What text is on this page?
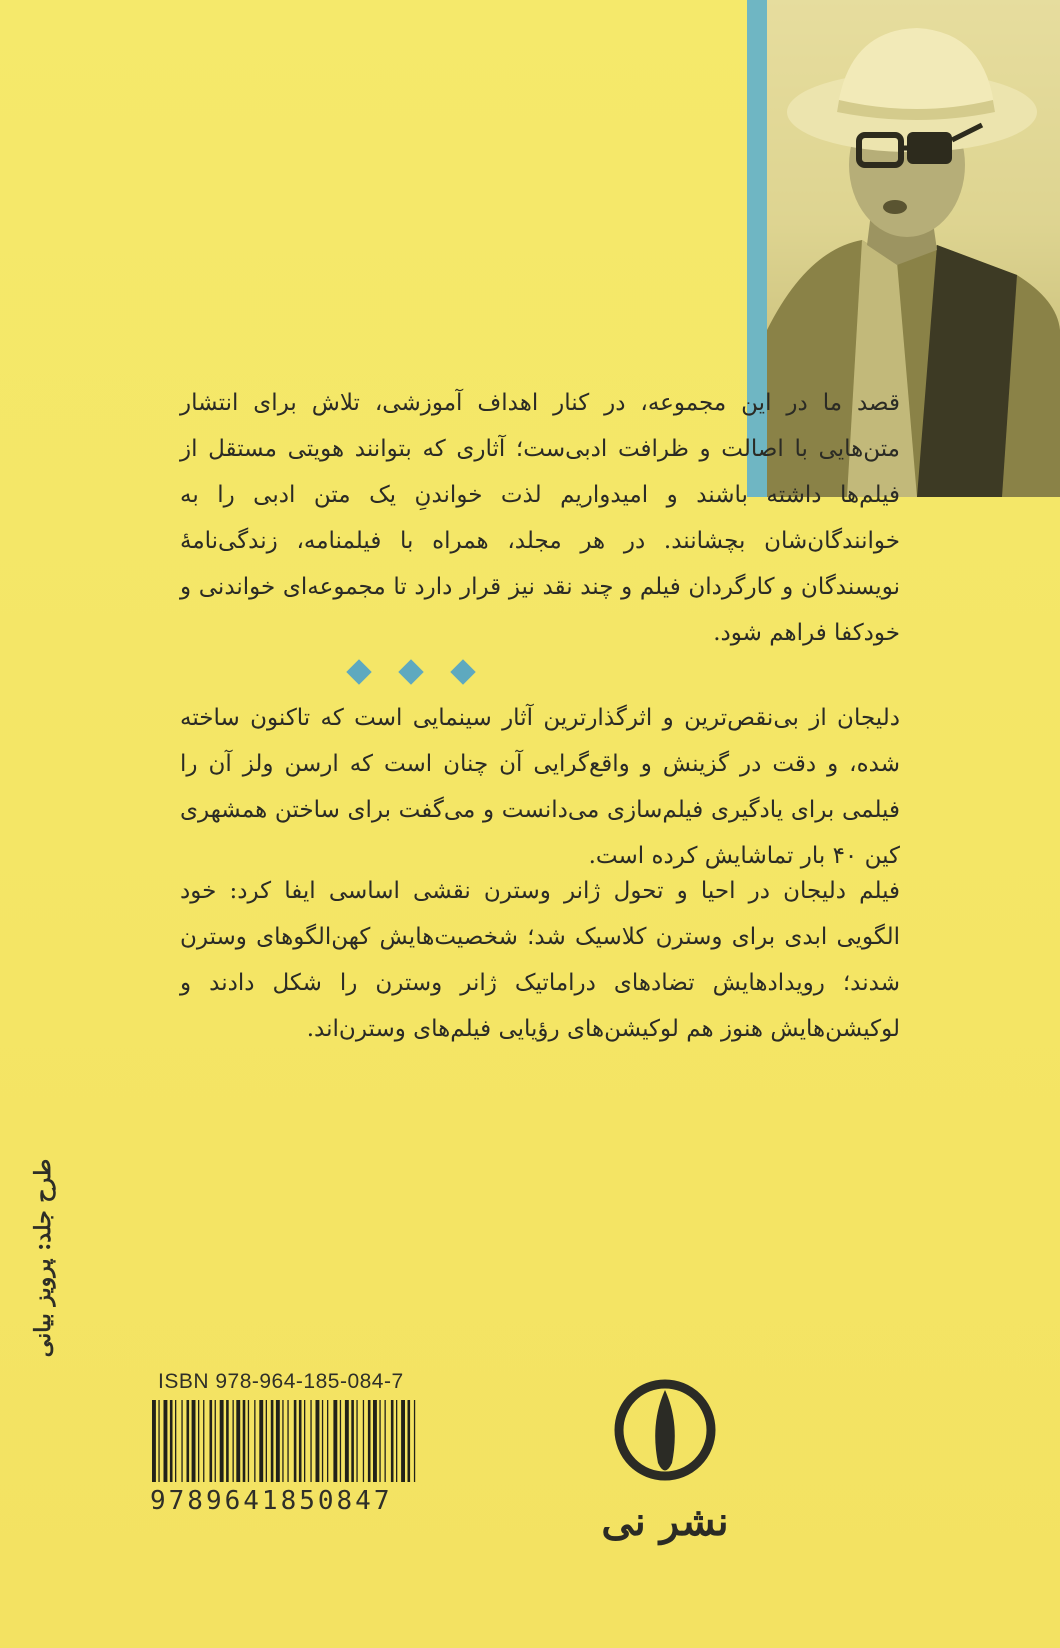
قصد ما در این مجموعه، در کنار اهداف آموزشی، تلاش برای انتشار متن‌هایی با اصالت و ظرافت ادبی‌ست؛ آثاری که بتوانند هویتی مستقل از فیلم‌ها داشته باشند و امیدواریم لذت خواندنِ یک متن ادبی را به خوانندگان‌شان بچشانند. در هر مجلد، همراه با فیلمنامه، زندگی‌نامهٔ نویسندگان و کارگردان فیلم و چند نقد نیز قرار دارد تا مجموعه‌ای خواندنی و خودکفا فراهم شود.

دلیجان از بی‌نقص‌ترین و اثرگذارترین آثار سینمایی است که تاکنون ساخته شده، و دقت در گزینش و واقع‌گرایی آن چنان است که ارسن ولز آن را فیلمی برای یادگیری فیلم‌سازی می‌دانست و می‌گفت برای ساختن همشهری کین ۴۰ بار تماشایش کرده است.

فیلم دلیجان در احیا و تحول ژانر وسترن نقشی اساسی ایفا کرد: خود الگویی ابدی برای وسترن کلاسیک شد؛ شخصیت‌هایش کهن‌الگوهای وسترن شدند؛ رویدادهایش تضادهای دراماتیک ژانر وسترن را شکل دادند و لوکیشن‌هایش هنوز هم لوکیشن‌های رؤیایی فیلم‌های وسترن‌اند.

طرح جلد: پرویز بیانی
ISBN 978-964-185-084-7
9789641850847	نشر نی
